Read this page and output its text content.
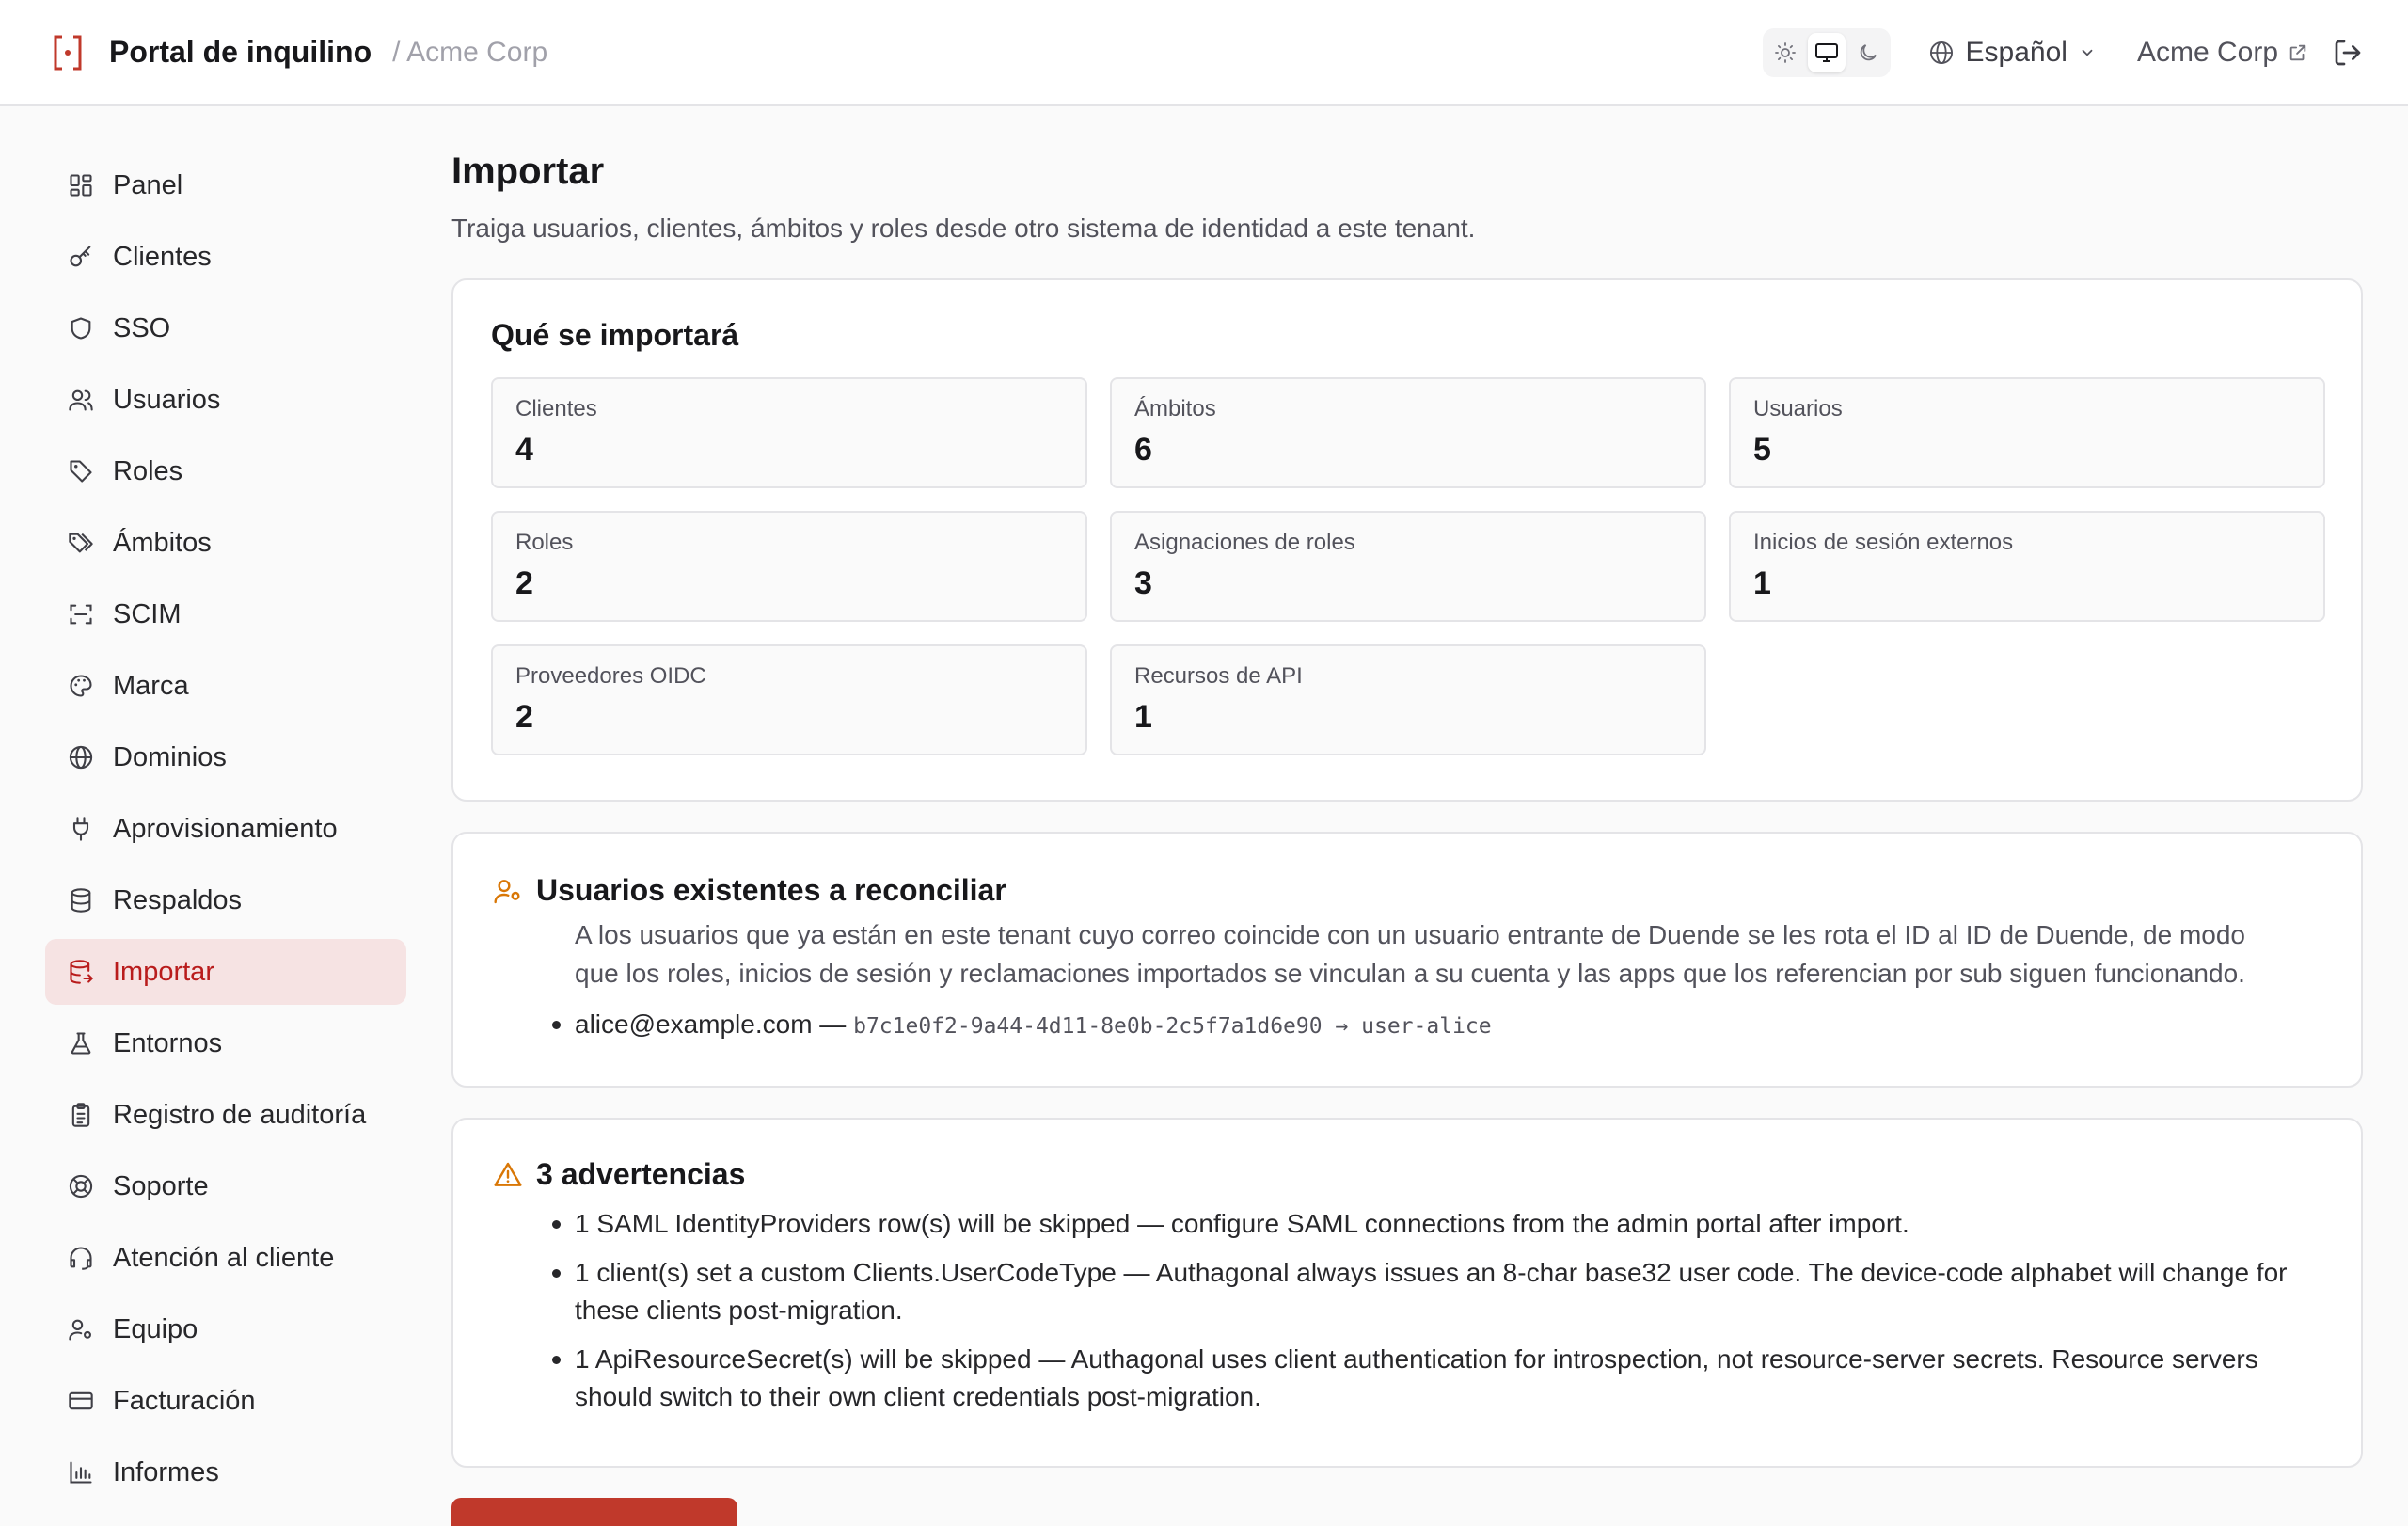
Portal de inquilino / Acme Corp	Español Acme Corp
Panel
Clientes
SSO
Usuarios
Roles
Ámbitos
SCIM
Marca
Dominios
Aprovisionamiento
Respaldos
Importar
Entornos
Registro de auditoría
Soporte
Atención al cliente
Equipo
Facturación
Informes
Importar

Traiga usuarios, clientes, ámbitos y roles desde otro sistema de identidad a este tenant.

Qué se importará
Clientes
4
Ámbitos
6
Usuarios
5
Roles
2
Asignaciones de roles
3
Inicios de sesión externos
1
Proveedores OIDC
2
Recursos de API
1
Usuarios existentes a reconciliar

A los usuarios que ya están en este tenant cuyo correo coincide con un usuario entrante de Duende se les rota el ID al ID de Duende, de modo que los roles, inicios de sesión y reclamaciones importados se vinculan a su cuenta y las apps que los referencian por sub siguen funcionando.

alice@example.com — b7c1e0f2-9a44-4d11-8e0b-2c5f7a1d6e90 → user-alice
3 advertencias
1 SAML IdentityProviders row(s) will be skipped — configure SAML connections from the admin portal after import.
1 client(s) set a custom Clients.UserCodeType — Authagonal always issues an 8-char base32 user code. The device-code alphabet will change for these clients post-migration.
1 ApiResourceSecret(s) will be skipped — Authagonal uses client authentication for introspection, not resource-server secrets. Resource servers should switch to their own client credentials post-migration.
